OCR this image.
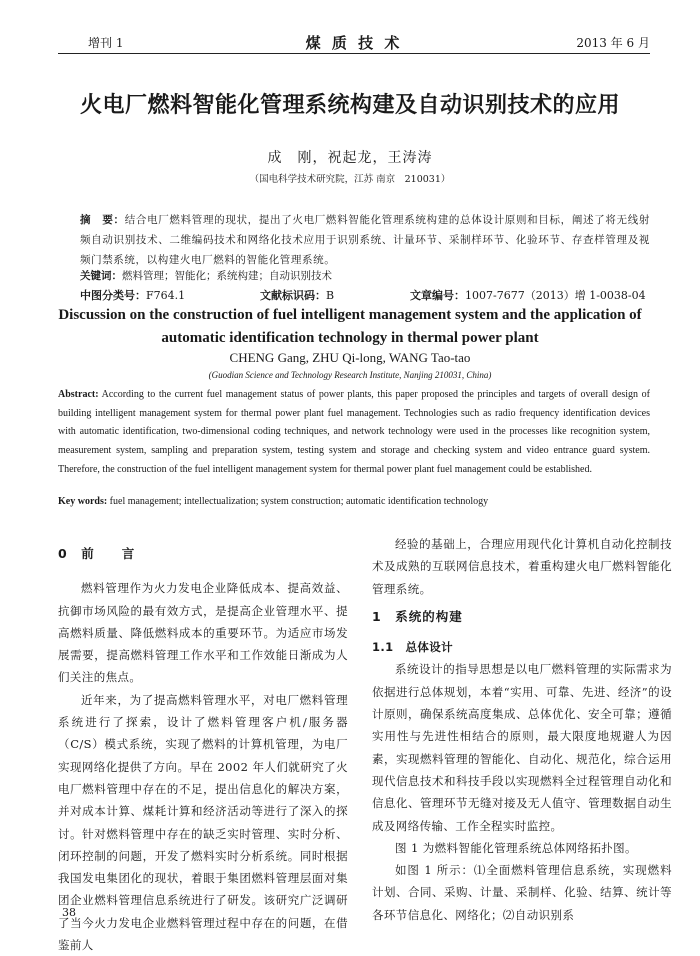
增刊 1	煤 质 技 术	2013 年 6 月
火电厂燃料智能化管理系统构建及自动识别技术的应用
成　刚，祝起龙，王涛涛
（国电科学技术研究院，江苏 南京　210031）
摘　要：结合电厂燃料管理的现状，提出了火电厂燃料智能化管理系统构建的总体设计原则和目标，阐述了将无线射频自动识别技术、二维编码技术和网络化技术应用于识别系统、计量环节、采制样环节、化验环节、存查样管理及视频门禁系统，以构建火电厂燃料的智能化管理系统。
关键词：燃料管理；智能化；系统构建；自动识别技术
中图分类号：F764.1	文献标识码：B	文章编号：1007-7677（2013）增 1-0038-04
Discussion on the construction of fuel intelligent management system and the application of
automatic identification technology in thermal power plant
CHENG Gang, ZHU Qi-long, WANG Tao-tao
(Guodian Science and Technology Research Institute, Nanjing 210031, China)
Abstract: According to the current fuel management status of power plants, this paper proposed the principles and targets of overall design of building intelligent management system for thermal power plant fuel management. Technologies such as radio frequency identification devices with automatic identification, two-dimensional coding techniques, and network technology were used in the processes like recognition system, measurement system, sampling and preparation system, testing system and storage and checking system and video entrance guard system. Therefore, the construction of the fuel intelligent management system for thermal power plant fuel management could be established.
Key words: fuel management; intellectualization; system construction; automatic identification technology
0　前　　言

燃料管理作为火力发电企业降低成本、提高效益、抗御市场风险的最有效方式，是提高企业管理水平、提高燃料质量、降低燃料成本的重要环节。为适应市场发展需要，提高燃料管理工作水平和工作效能日渐成为人们关注的焦点。

近年来，为了提高燃料管理水平，对电厂燃料管理系统进行了探索，设计了燃料管理客户机/服务器（C/S）模式系统，实现了燃料的计算机管理，为电厂实现网络化提供了方向。早在 2002 年人们就研究了火电厂燃料管理中存在的不足，提出信息化的解决方案，并对成本计算、煤耗计算和经济活动等进行了深入的探讨。针对燃料管理中存在的缺乏实时管理、实时分析、闭环控制的问题，开发了燃料实时分析系统。同时根据我国发电集团化的现状，着眼于集团燃料管理层面对集团企业燃料管理信息系统进行了研发。该研究广泛调研了当今火力发电企业燃料管理过程中存在的问题，在借鉴前人

经验的基础上，合理应用现代化计算机自动化控制技术及成熟的互联网信息技术，着重构建火电厂燃料智能化管理系统。

1　系统的构建
1.1　总体设计

系统设计的指导思想是以电厂燃料管理的实际需求为依据进行总体规划，本着“实用、可靠、先进、经济”的设计原则，确保系统高度集成、总体优化、安全可靠；遵循实用性与先进性相结合的原则，最大限度地规避人为因素，实现燃料管理的智能化、自动化、规范化，综合运用现代信息技术和科技手段以实现燃料全过程管理自动化和信息化、管理环节无缝对接及无人值守、管理数据自动生成及网络传输、工作全程实时监控。

图 1 为燃料智能化管理系统总体网络拓扑图。

如图 1 所示：⑴全面燃料管理信息系统，实现燃料计划、合同、采购、计量、采制样、化验、结算、统计等各环节信息化、网络化；⑵自动识别系

38
